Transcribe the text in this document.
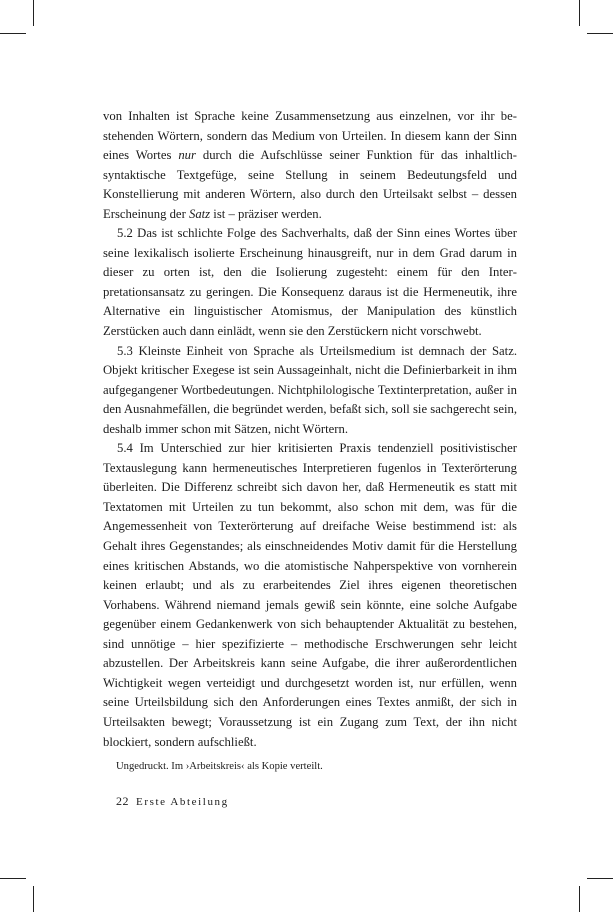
von Inhalten ist Sprache keine Zusammensetzung aus einzelnen, vor ihr bestehenden Wörtern, sondern das Medium von Urteilen. In diesem kann der Sinn eines Wortes nur durch die Aufschlüsse seiner Funktion für das inhaltlich-syntaktische Textgefüge, seine Stellung in seinem Bedeutungsfeld und Konstellierung mit anderen Wörtern, also durch den Urteilsakt selbst – dessen Erscheinung der Satz ist – präziser werden.

5.2 Das ist schlichte Folge des Sachverhalts, daß der Sinn eines Wortes über seine lexikalisch isolierte Erscheinung hinausgreift, nur in dem Grad darum in dieser zu orten ist, den die Isolierung zugesteht: einem für den Interpretationsansatz zu geringen. Die Konsequenz daraus ist die Hermeneutik, ihre Alternative ein linguistischer Atomismus, der Manipulation des künstlich Zerstücken auch dann einlädt, wenn sie den Zerstückern nicht vorschwebt.

5.3 Kleinste Einheit von Sprache als Urteilsmedium ist demnach der Satz. Objekt kritischer Exegese ist sein Aussageinhalt, nicht die Definierbarkeit in ihm aufgegangener Wortbedeutungen. Nichtphilologische Textinterpretation, außer in den Ausnahmefällen, die begründet werden, befaßt sich, soll sie sachgerecht sein, deshalb immer schon mit Sätzen, nicht Wörtern.

5.4 Im Unterschied zur hier kritisierten Praxis tendenziell positivistischer Textauslegung kann hermeneutisches Interpretieren fugenlos in Texterörterung überleiten. Die Differenz schreibt sich davon her, daß Hermeneutik es statt mit Textatomen mit Urteilen zu tun bekommt, also schon mit dem, was für die Angemessenheit von Texterörterung auf dreifache Weise bestimmend ist: als Gehalt ihres Gegenstandes; als einschneidendes Motiv damit für die Herstellung eines kritischen Abstands, wo die atomistische Nahperspektive von vornherein keinen erlaubt; und als zu erarbeitendes Ziel ihres eigenen theoretischen Vorhabens. Während niemand jemals gewiß sein könnte, eine solche Aufgabe gegenüber einem Gedankenwerk von sich behauptender Aktualität zu bestehen, sind unnötige – hier spezifizierte – methodische Erschwerungen sehr leicht abzustellen. Der Arbeitskreis kann seine Aufgabe, die ihrer außerordentlichen Wichtigkeit wegen verteidigt und durchgesetzt worden ist, nur erfüllen, wenn seine Urteilsbildung sich den Anforderungen eines Textes anmißt, der sich in Urteilsakten bewegt; Voraussetzung ist ein Zugang zum Text, der ihn nicht blockiert, sondern aufschließt.

Ungedruckt. Im ›Arbeitskreis‹ als Kopie verteilt.
22 Erste Abteilung
